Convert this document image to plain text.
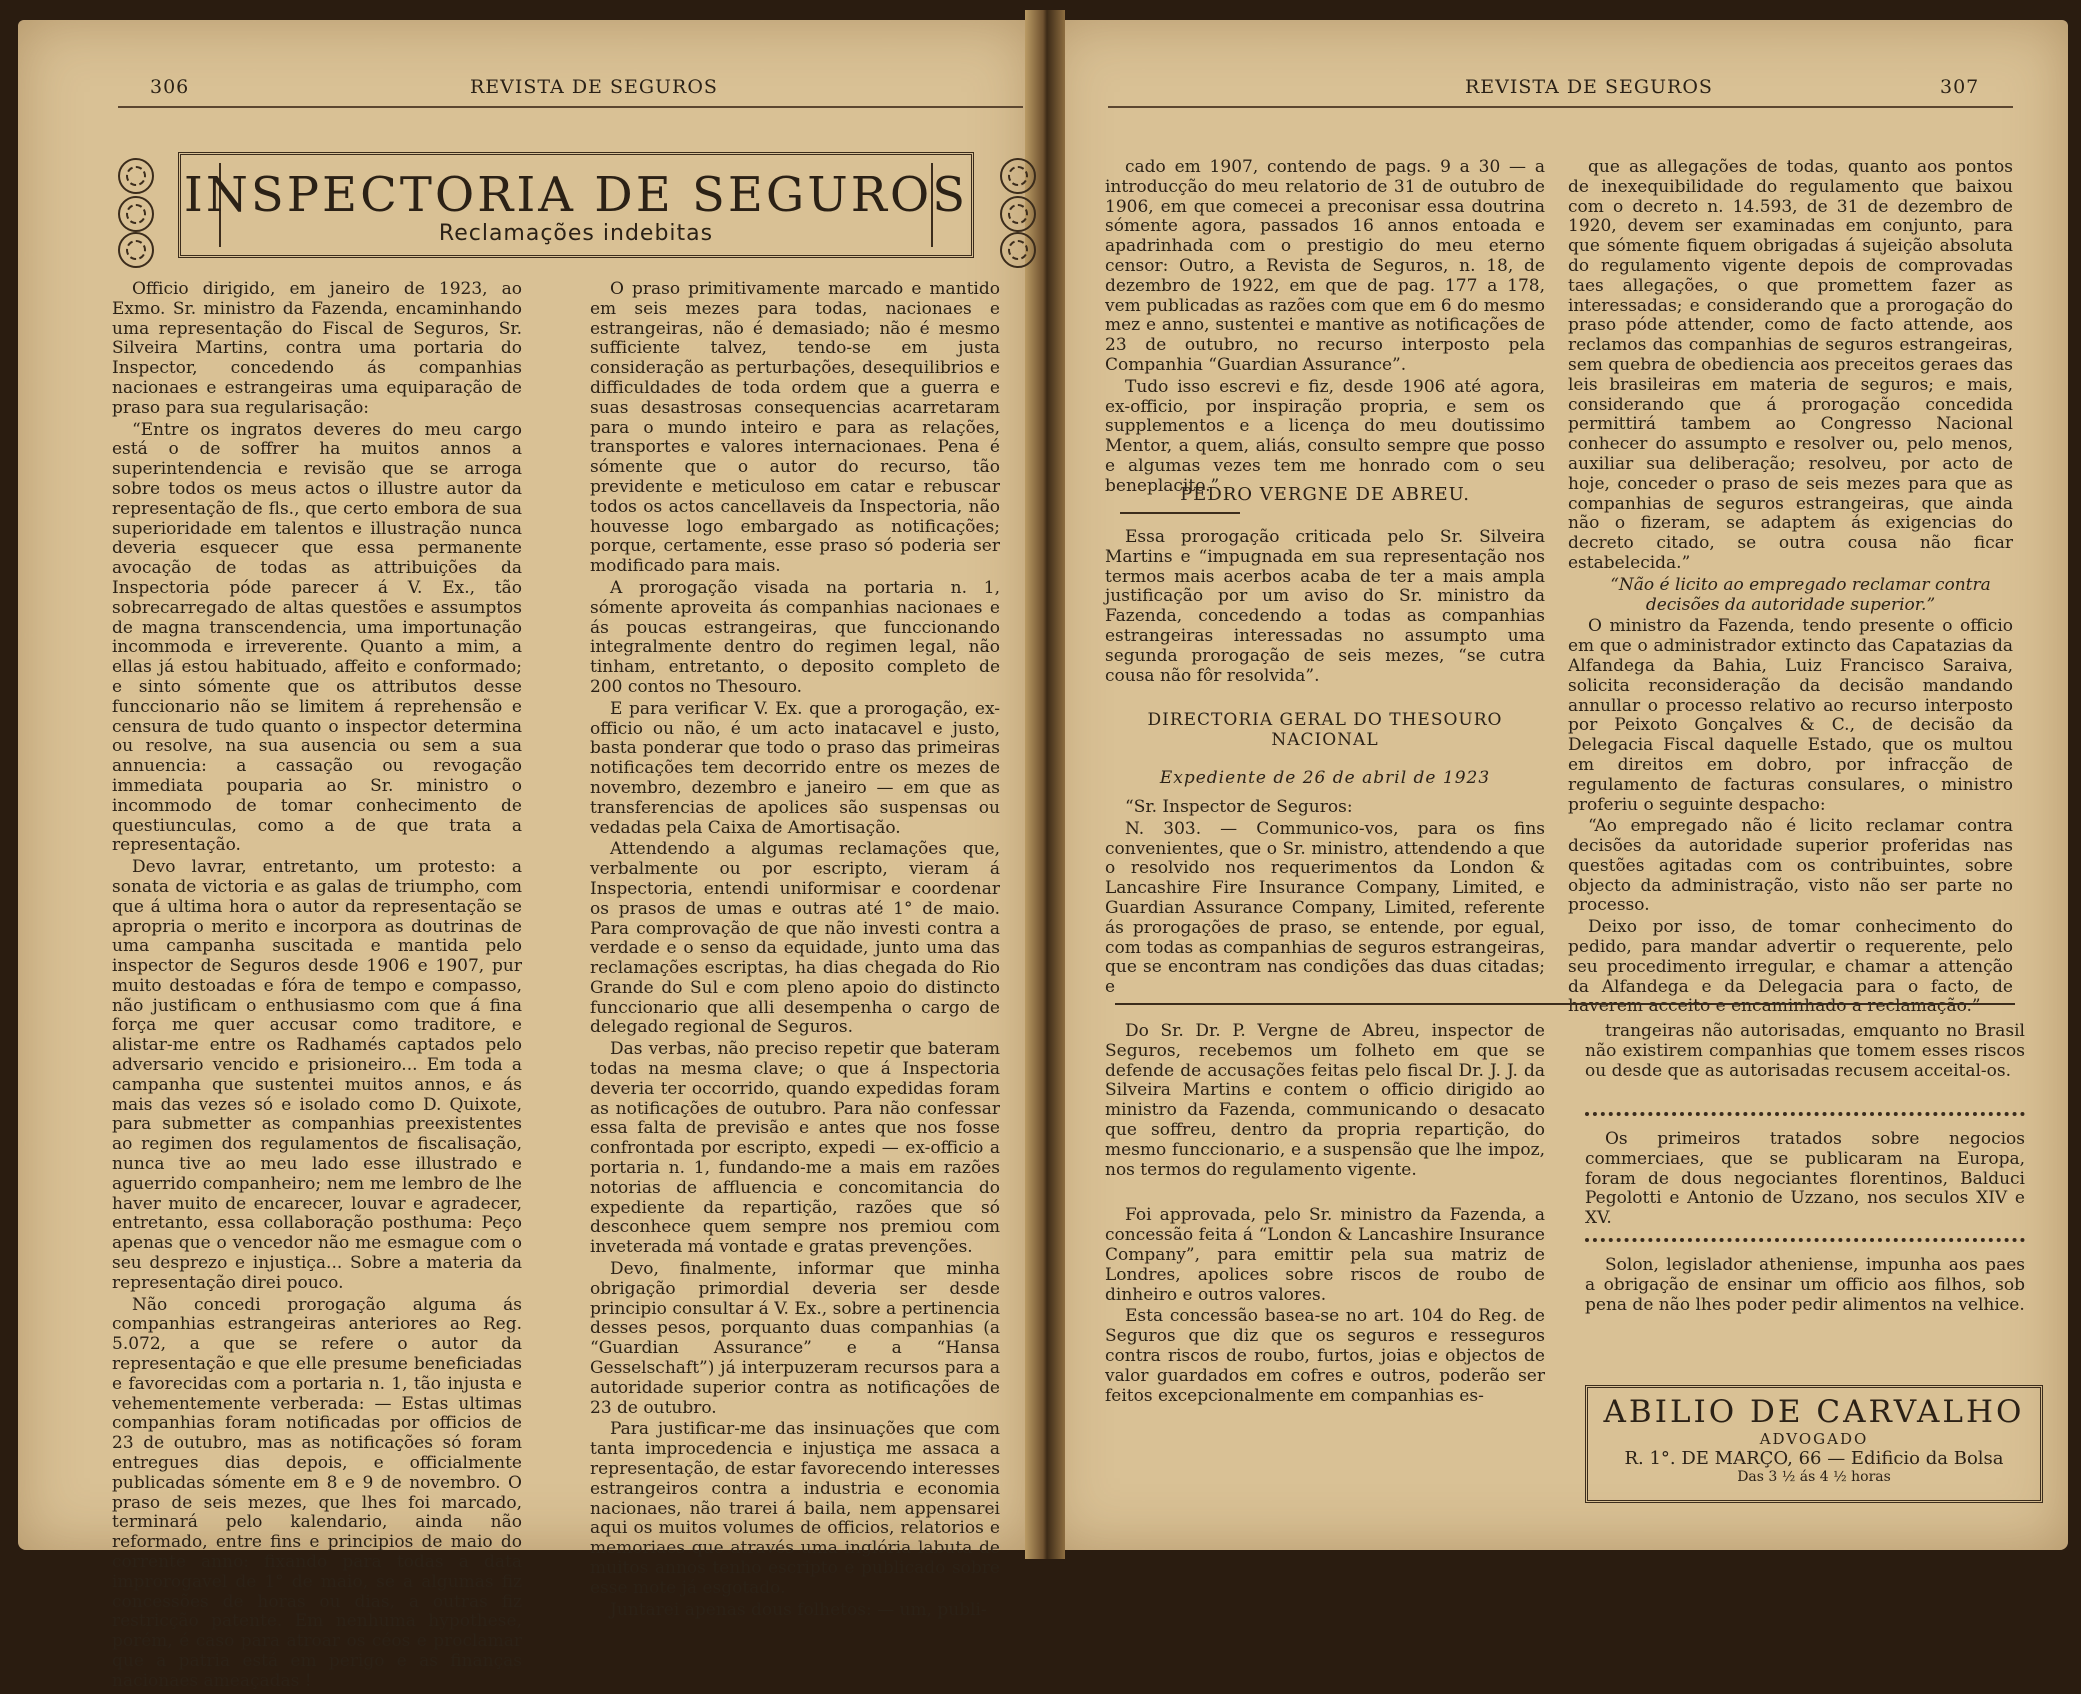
306	REVISTA DE SEGUROS
INSPECTORIA DE SEGUROS
Reclamações indebitas

Officio dirigido, em janeiro de 1923, ao Exmo. Sr. ministro da Fazenda, encaminhando uma representação do Fiscal de Seguros, Sr. Silveira Martins, contra uma portaria do Inspector, concedendo ás companhias nacionaes e estrangeiras uma equiparação de praso para sua regularisação:

“Entre os ingratos deveres do meu cargo está o de soffrer ha muitos annos a superintendencia e revisão que se arroga sobre todos os meus actos o illustre autor da representação de fls., que certo embora de sua superioridade em talentos e illustração nunca deveria esquecer que essa permanente avocação de todas as attribuições da Inspectoria póde parecer á V. Ex., tão sobrecarregado de altas questões e assumptos de magna transcendencia, uma importunação incommoda e irreverente. Quanto a mim, a ellas já estou habituado, affeito e conformado; e sinto sómente que os attributos desse funccionario não se limitem á reprehensão e censura de tudo quanto o inspector determina ou resolve, na sua ausencia ou sem a sua annuencia: a cassação ou revogação immediata pouparia ao Sr. ministro o incommodo de tomar conhecimento de questiunculas, como a de que trata a representação.

Devo lavrar, entretanto, um protesto: a sonata de victoria e as galas de triumpho, com que á ultima hora o autor da representação se apropria o merito e incorpora as doutrinas de uma campanha suscitada e mantida pelo inspector de Seguros desde 1906 e 1907, pur muito destoadas e fóra de tempo e compasso, não justificam o enthusiasmo com que á fina força me quer accusar como traditore, e alistar-me entre os Radhamés captados pelo adversario vencido e prisioneiro... Em toda a campanha que sustentei muitos annos, e ás mais das vezes só e isolado como D. Quixote, para submetter as companhias preexistentes ao regimen dos regulamentos de fiscalisação, nunca tive ao meu lado esse illustrado e aguerrido companheiro; nem me lembro de lhe haver muito de encarecer, louvar e agradecer, entretanto, essa collaboração posthuma: Peço apenas que o vencedor não me esmague com o seu desprezo e injustiça... Sobre a materia da representação direi pouco.

Não concedi prorogação alguma ás companhias estrangeiras anteriores ao Reg. 5.072, a que se refere o autor da representação e que elle presume beneficiadas e favorecidas com a portaria n. 1, tão injusta e vehementemente verberada: — Estas ultimas companhias foram notificadas por officios de 23 de outubro, mas as notificações só foram entregues dias depois, e officialmente publicadas sómente em 8 e 9 de novembro. O praso de seis mezes, que lhes foi marcado, terminará pelo kalendario, ainda não reformado, entre fins e principios de maio do corrente anno: fixando para todas a data improrogavel de 1° de maio, se a algumas fiz concessões de horas ou dias, a outras fiz restricção patente. Em nenhuma hypothese, porém, é caso para atroar os céos e proclamar que a patria está em perigo e as finanças nacionaes ameaçadas !

O praso primitivamente marcado e mantido em seis mezes para todas, nacionaes e estrangeiras, não é demasiado; não é mesmo sufficiente talvez, tendo-se em justa consideração as perturbações, desequilibrios e difficuldades de toda ordem que a guerra e suas desastrosas consequencias acarretaram para o mundo inteiro e para as relações, transportes e valores internacionaes. Pena é sómente que o autor do recurso, tão previdente e meticuloso em catar e rebuscar todos os actos cancellaveis da Inspectoria, não houvesse logo embargado as notificações; porque, certamente, esse praso só poderia ser modificado para mais.

A prorogação visada na portaria n. 1, sómente aproveita ás companhias nacionaes e ás poucas estrangeiras, que funccionando integralmente dentro do regimen legal, não tinham, entretanto, o deposito completo de 200 contos no Thesouro.

E para verificar V. Ex. que a prorogação, ex-officio ou não, é um acto inatacavel e justo, basta ponderar que todo o praso das primeiras notificações tem decorrido entre os mezes de novembro, dezembro e janeiro — em que as transferencias de apolices são suspensas ou vedadas pela Caixa de Amortisação.

Attendendo a algumas reclamações que, verbalmente ou por escripto, vieram á Inspectoria, entendi uniformisar e coordenar os prasos de umas e outras até 1° de maio. Para comprovação de que não investi contra a verdade e o senso da equidade, junto uma das reclamações escriptas, ha dias chegada do Rio Grande do Sul e com pleno apoio do distincto funccionario que alli desempenha o cargo de delegado regional de Seguros.

Das verbas, não preciso repetir que bateram todas na mesma clave; o que á Inspectoria deveria ter occorrido, quando expedidas foram as notificações de outubro. Para não confessar essa falta de previsão e antes que nos fosse confrontada por escripto, expedi — ex-officio a portaria n. 1, fundando-me a mais em razões notorias de affluencia e concomitancia do expediente da repartição, razões que só desconhece quem sempre nos premiou com inveterada má vontade e gratas prevenções.

Devo, finalmente, informar que minha obrigação primordial deveria ser desde principio consultar á V. Ex., sobre a pertinencia desses pesos, porquanto duas companhias (a “Guardian Assurance” e a “Hansa Gesselschaft”) já interpuzeram recursos para a autoridade superior contra as notificações de 23 de outubro.

Para justificar-me das insinuações que com tanta improcedencia e injustiça me assaca a representação, de estar favorecendo interesses estrangeiros contra a industria e economia nacionaes, não trarei á baila, nem appensarei aqui os muitos volumes de officios, relatorios e memoriaes que através uma inglória labuta de muitos annos tenho escripto e publicado sobre esse mote já esgotado.

Juntarei apenas dous folhetos: — um, publi-

REVISTA DE SEGUROS	307

cado em 1907, contendo de pags. 9 a 30 — a introducção do meu relatorio de 31 de outubro de 1906, em que comecei a preconisar essa doutrina sómente agora, passados 16 annos entoada e apadrinhada com o prestigio do meu eterno censor: Outro, a Revista de Seguros, n. 18, de dezembro de 1922, em que de pag. 177 a 178, vem publicadas as razões com que em 6 do mesmo mez e anno, sustentei e mantive as notificações de 23 de outubro, no recurso interposto pela Companhia “Guardian Assurance”.

Tudo isso escrevi e fiz, desde 1906 até agora, ex-officio, por inspiração propria, e sem os supplementos e a licença do meu doutissimo Mentor, a quem, aliás, consulto sempre que posso e algumas vezes tem me honrado com o seu beneplacito.”

PEDRO VERGNE DE ABREU.

Essa prorogação criticada pelo Sr. Silveira Martins e “impugnada em sua representação nos termos mais acerbos acaba de ter a mais ampla justificação por um aviso do Sr. ministro da Fazenda, concedendo a todas as companhias estrangeiras interessadas no assumpto uma segunda prorogação de seis mezes, “se cutra cousa não fôr resolvida”.

DIRECTORIA GERAL DO THESOURO NACIONAL
Expediente de 26 de abril de 1923

“Sr. Inspector de Seguros:

N. 303. — Communico-vos, para os fins convenientes, que o Sr. ministro, attendendo a que o resolvido nos requerimentos da London & Lancashire Fire Insurance Company, Limited, e Guardian Assurance Company, Limited, referente ás prorogações de praso, se entende, por egual, com todas as companhias de seguros estrangeiras, que se encontram nas condições das duas citadas; e

que as allegações de todas, quanto aos pontos de inexequibilidade do regulamento que baixou com o decreto n. 14.593, de 31 de dezembro de 1920, devem ser examinadas em conjunto, para que sómente fiquem obrigadas á sujeição absoluta do regulamento vigente depois de comprovadas taes allegações, o que promettem fazer as interessadas; e considerando que a prorogação do praso póde attender, como de facto attende, aos reclamos das companhias de seguros estrangeiras, sem quebra de obediencia aos preceitos geraes das leis brasileiras em materia de seguros; e mais, considerando que á prorogação concedida permittirá tambem ao Congresso Nacional conhecer do assumpto e resolver ou, pelo menos, auxiliar sua deliberação; resolveu, por acto de hoje, conceder o praso de seis mezes para que as companhias de seguros estrangeiras, que ainda não o fizeram, se adaptem ás exigencias do decreto citado, se outra cousa não ficar estabelecida.”

“Não é licito ao empregado reclamar contra decisões da autoridade superior.”

O ministro da Fazenda, tendo presente o officio em que o administrador extincto das Capatazias da Alfandega da Bahia, Luiz Francisco Saraiva, solicita reconsideração da decisão mandando annullar o processo relativo ao recurso interposto por Peixoto Gonçalves & C., de decisão da Delegacia Fiscal daquelle Estado, que os multou em direitos em dobro, por infracção de regulamento de facturas consulares, o ministro proferiu o seguinte despacho:

“Ao empregado não é licito reclamar contra decisões da autoridade superior proferidas nas questões agitadas com os contribuintes, sobre objecto da administração, visto não ser parte no processo.

Deixo por isso, de tomar conhecimento do pedido, para mandar advertir o requerente, pelo seu procedimento irregular, e chamar a attenção da Alfandega e da Delegacia para o facto, de haverem acceito e encaminhado a reclamação.”

Do Sr. Dr. P. Vergne de Abreu, inspector de Seguros, recebemos um folheto em que se defende de accusações feitas pelo fiscal Dr. J. J. da Silveira Martins e contem o officio dirigido ao ministro da Fazenda, communicando o desacato que soffreu, dentro da propria repartição, do mesmo funccionario, e a suspensão que lhe impoz, nos termos do regulamento vigente.

Foi approvada, pelo Sr. ministro da Fazenda, a concessão feita á “London & Lancashire Insurance Company”, para emittir pela sua matriz de Londres, apolices sobre riscos de roubo de dinheiro e outros valores.

Esta concessão basea-se no art. 104 do Reg. de Seguros que diz que os seguros e resseguros contra riscos de roubo, furtos, joias e objectos de valor guardados em cofres e outros, poderão ser feitos excepcionalmente em companhias es-

trangeiras não autorisadas, emquanto no Brasil não existirem companhias que tomem esses riscos ou desde que as autorisadas recusem acceital-os.

Os primeiros tratados sobre negocios commerciaes, que se publicaram na Europa, foram de dous negociantes florentinos, Balduci Pegolotti e Antonio de Uzzano, nos seculos XIV e XV.

Solon, legislador atheniense, impunha aos paes a obrigação de ensinar um officio aos filhos, sob pena de não lhes poder pedir alimentos na velhice.

ABILIO DE CARVALHO
ADVOGADO
R. 1°. DE MARÇO, 66 — Edificio da Bolsa
Das 3 ½ ás 4 ½ horas
